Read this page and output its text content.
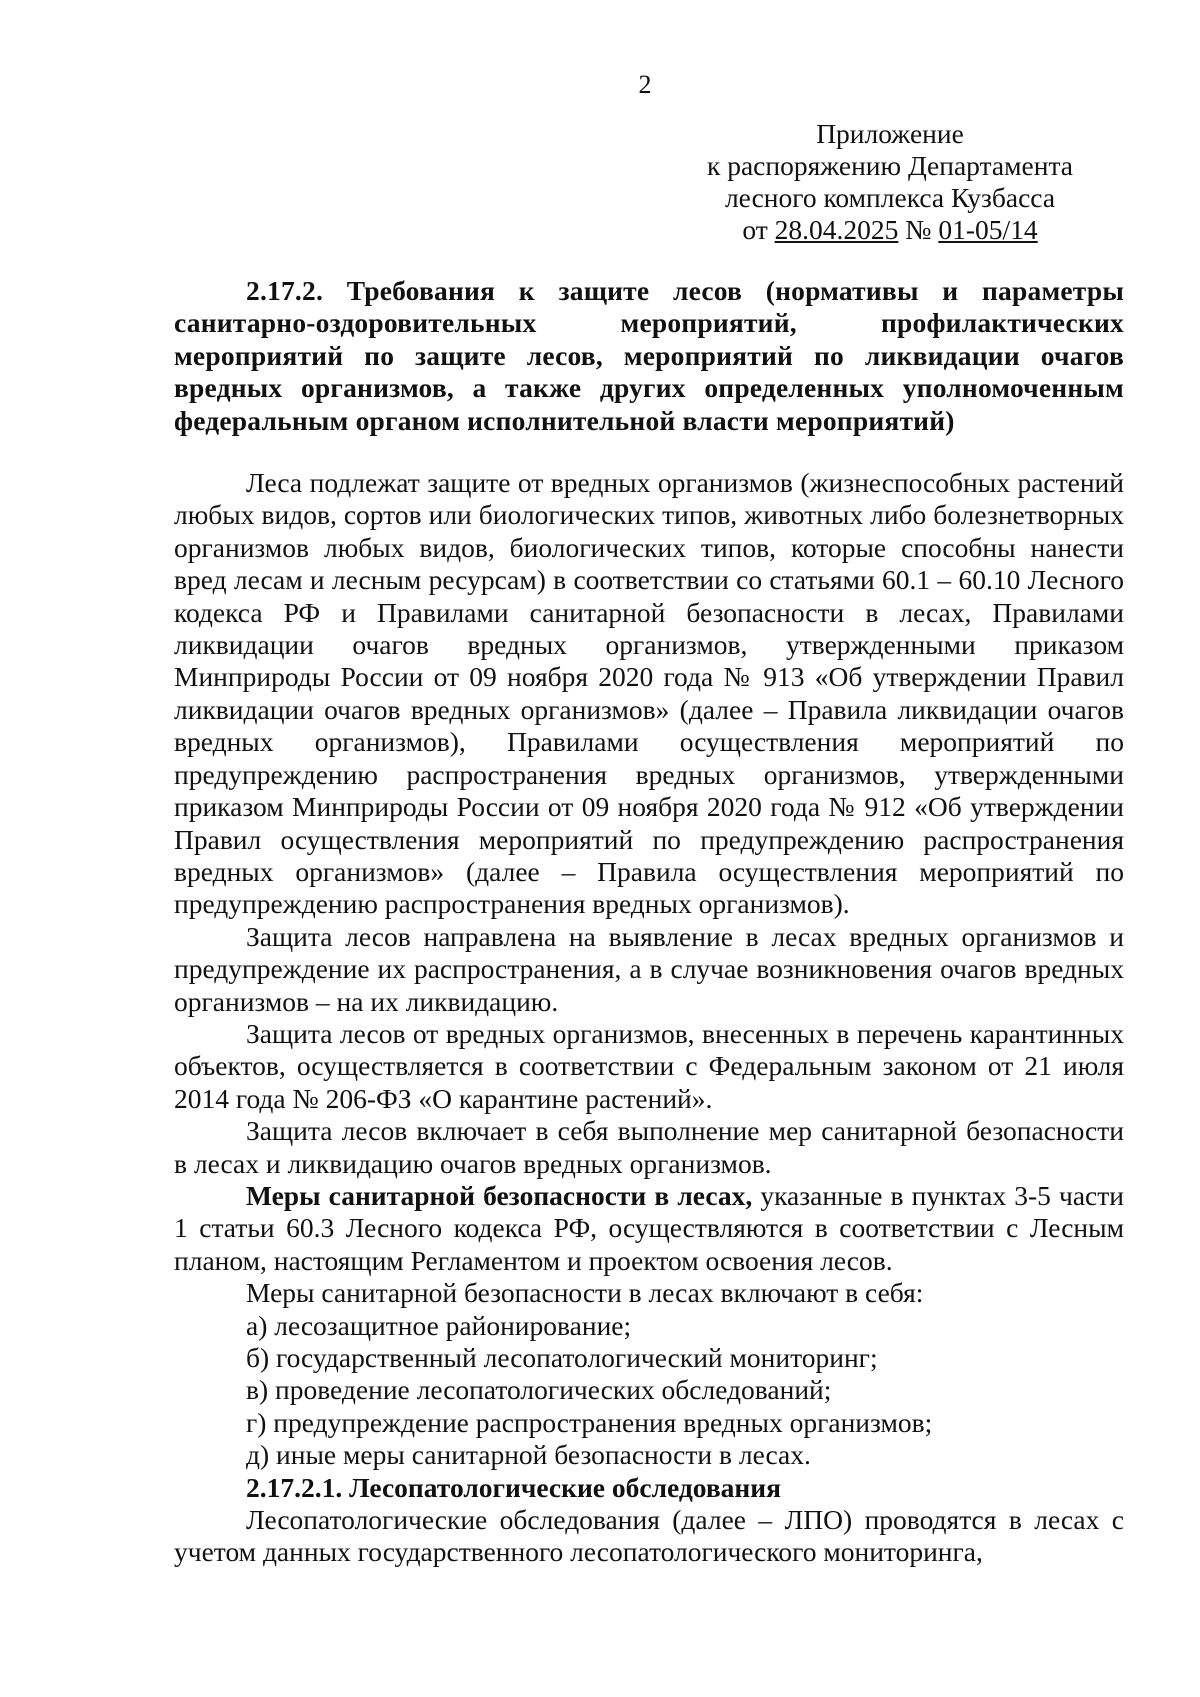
2
Приложение
к распоряжению Департамента
лесного комплекса Кузбасса
от 28.04.2025 № 01-05/14

2.17.2. Требования к защите лесов (нормативы и параметры санитарно-оздоровительных мероприятий, профилактических мероприятий по защите лесов, мероприятий по ликвидации очагов вредных организмов, а также других определенных уполномоченным федеральным органом исполнительной власти мероприятий)

Леса подлежат защите от вредных организмов (жизнеспособных растений любых видов, сортов или биологических типов, животных либо болезнетворных организмов любых видов, биологических типов, которые способны нанести вред лесам и лесным ресурсам) в соответствии со статьями 60.1 – 60.10 Лесного кодекса РФ и Правилами санитарной безопасности в лесах, Правилами ликвидации очагов вредных организмов, утвержденными приказом Минприроды России от 09 ноября 2020 года № 913 «Об утверждении Правил ликвидации очагов вредных организмов» (далее – Правила ликвидации очагов вредных организмов), Правилами осуществления мероприятий по предупреждению распространения вредных организмов, утвержденными приказом Минприроды России от 09 ноября 2020 года № 912 «Об утверждении Правил осуществления мероприятий по предупреждению распространения вредных организмов» (далее – Правила осуществления мероприятий по предупреждению распространения вредных организмов).

Защита лесов направлена на выявление в лесах вредных организмов и предупреждение их распространения, а в случае возникновения очагов вредных организмов – на их ликвидацию.

Защита лесов от вредных организмов, внесенных в перечень карантинных объектов, осуществляется в соответствии с Федеральным законом от 21 июля 2014 года № 206-ФЗ «О карантине растений».

Защита лесов включает в себя выполнение мер санитарной безопасности в лесах и ликвидацию очагов вредных организмов.

Меры санитарной безопасности в лесах, указанные в пунктах 3-5 части 1 статьи 60.3 Лесного кодекса РФ, осуществляются в соответствии с Лесным планом, настоящим Регламентом и проектом освоения лесов.

Меры санитарной безопасности в лесах включают в себя:

а) лесозащитное районирование;

б) государственный лесопатологический мониторинг;

в) проведение лесопатологических обследований;

г) предупреждение распространения вредных организмов;

д) иные меры санитарной безопасности в лесах.

2.17.2.1. Лесопатологические обследования

Лесопатологические обследования (далее – ЛПО) проводятся в лесах с учетом данных государственного лесопатологического мониторинга,
